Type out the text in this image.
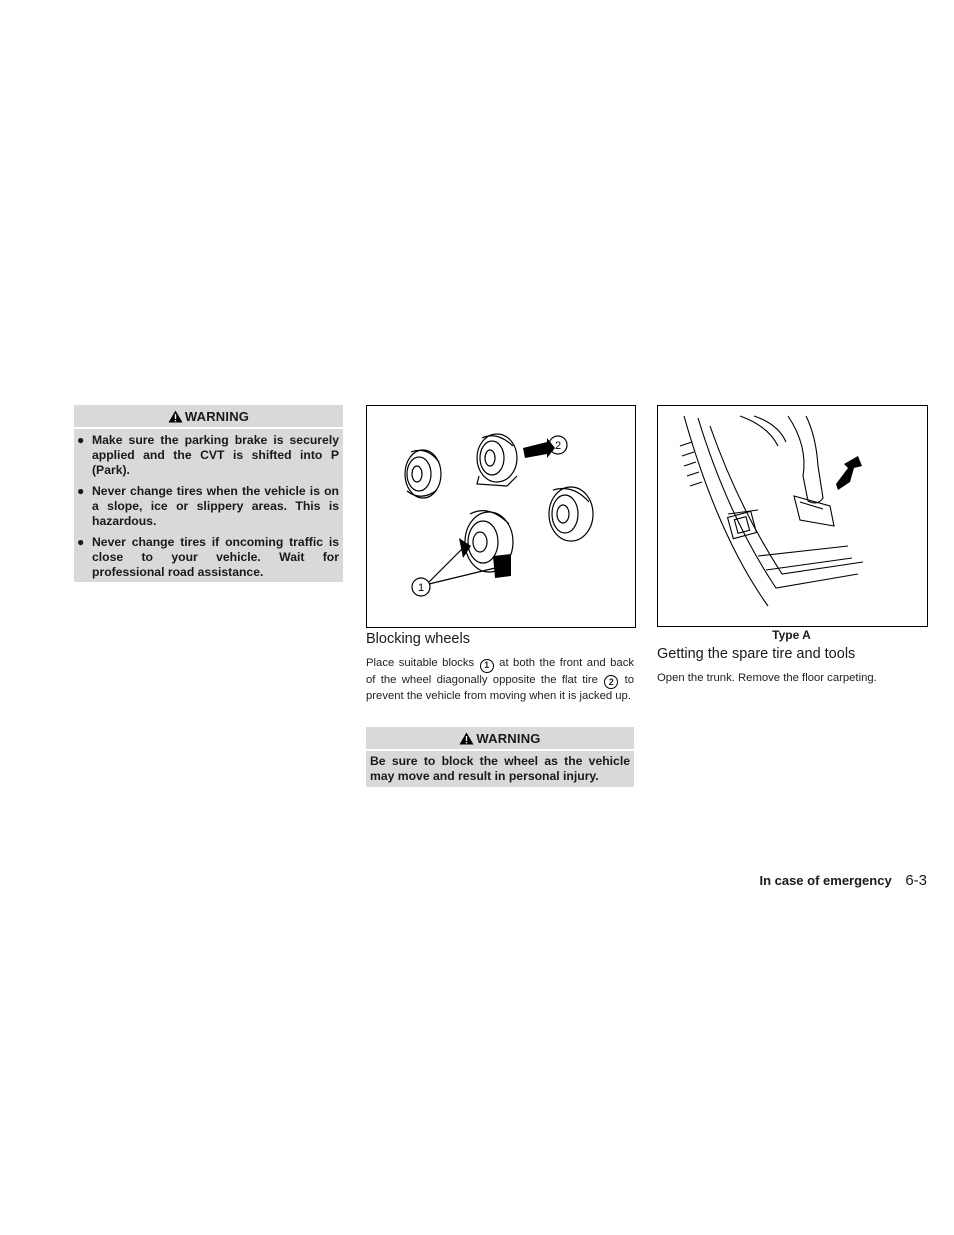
WARNING
● Make sure the parking brake is securely applied and the CVT is shifted into P (Park).
● Never change tires when the vehicle is on a slope, ice or slippery areas. This is hazardous.
● Never change tires if oncoming traffic is close to your vehicle. Wait for professional road assistance.
1
2
Blocking wheels
Place suitable blocks 1 at both the front and back of the wheel diagonally opposite the flat tire 2 to prevent the vehicle from moving when it is jacked up.
WARNING
Be sure to block the wheel as the vehicle may move and result in personal injury.
Type A
Getting the spare tire and tools
Open the trunk. Remove the floor carpeting.
In case of emergency 6-3
